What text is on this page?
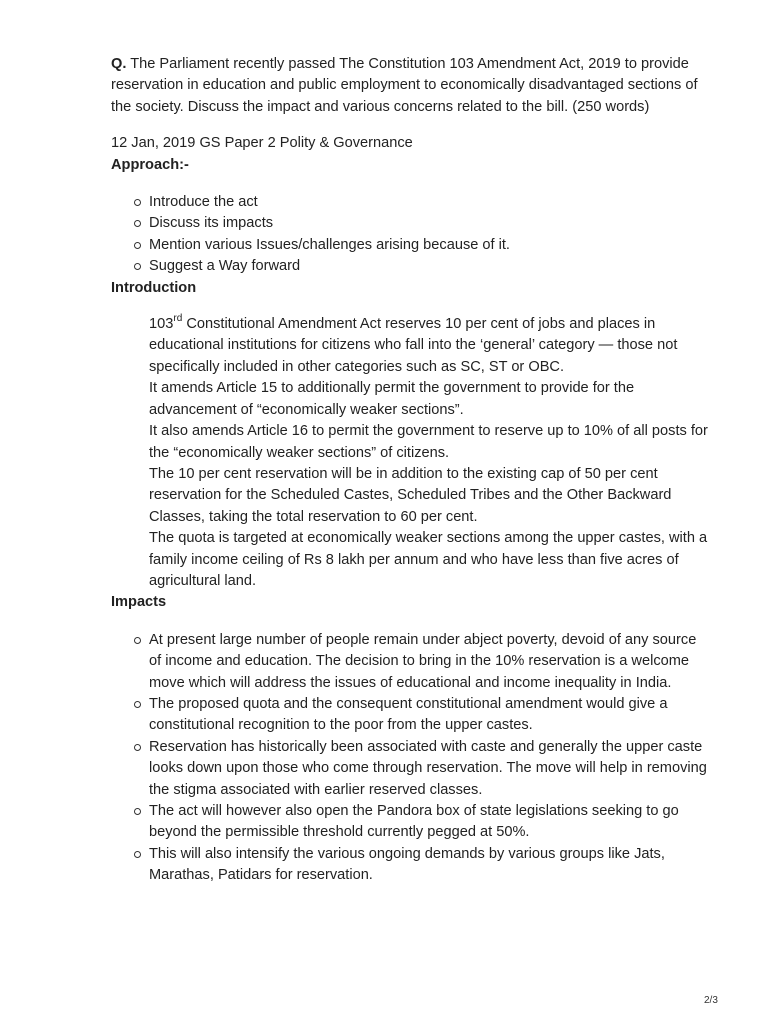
Q. The Parliament recently passed The Constitution 103 Amendment Act, 2019 to provide reservation in education and public employment to economically disadvantaged sections of the society. Discuss the impact and various concerns related to the bill. (250 words)

12 Jan, 2019 GS Paper 2 Polity & Governance
Approach:-
Introduce the act
Discuss its impacts
Mention various Issues/challenges arising because of it.
Suggest a Way forward
Introduction

103rd Constitutional Amendment Act reserves 10 per cent of jobs and places in educational institutions for citizens who fall into the ‘general’ category — those not specifically included in other categories such as SC, ST or OBC.

It amends Article 15 to additionally permit the government to provide for the advancement of “economically weaker sections”.

It also amends Article 16 to permit the government to reserve up to 10% of all posts for the “economically weaker sections” of citizens.

The 10 per cent reservation will be in addition to the existing cap of 50 per cent reservation for the Scheduled Castes, Scheduled Tribes and the Other Backward Classes, taking the total reservation to 60 per cent.

The quota is targeted at economically weaker sections among the upper castes, with a family income ceiling of Rs 8 lakh per annum and who have less than five acres of agricultural land.

Impacts
At present large number of people remain under abject poverty, devoid of any source of income and education. The decision to bring in the 10% reservation is a welcome move which will address the issues of educational and income inequality in India.
The proposed quota and the consequent constitutional amendment would give a constitutional recognition to the poor from the upper castes.
Reservation has historically been associated with caste and generally the upper caste looks down upon those who come through reservation. The move will help in removing the stigma associated with earlier reserved classes.
The act will however also open the Pandora box of state legislations seeking to go beyond the permissible threshold currently pegged at 50%.
This will also intensify the various ongoing demands by various groups like Jats, Marathas, Patidars for reservation.
2/3
